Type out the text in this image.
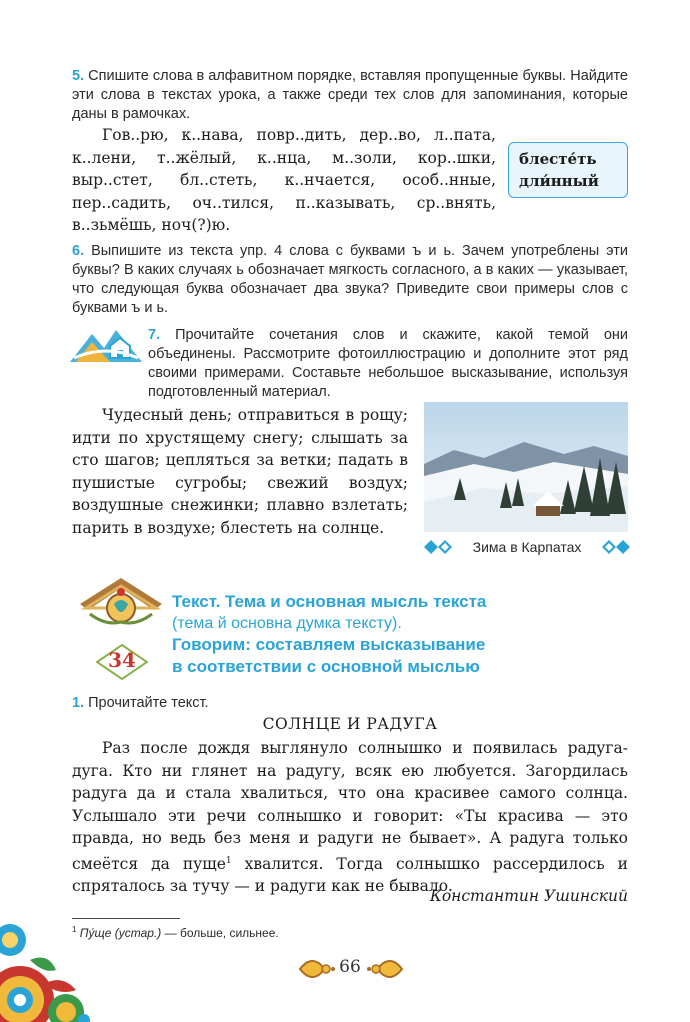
5. Спишите слова в алфавитном порядке, вставляя пропущенные буквы. Найдите эти слова в текстах урока, а также среди тех слов для запоминания, которые даны в рамочках.
Гов..рю, к..нава, повр..дить, дер..во, л..пата,
к..лени, т..жёлый, к..нца, м..золи, кор..шки,
выр..стет, бл..стеть, к..нчается, особ..нные,
пер..садить, оч..тился, п..казывать, ср..внять,
в..зьмёшь, ноч(?)ю.
блесте́ть
дли́нный
6. Выпишите из текста упр. 4 слова с буквами ъ и ь. Зачем употреблены эти буквы? В каких случаях ь обозначает мягкость согласного, а в каких — указывает, что следующая буква обозначает два звука? Приведите свои примеры слов с буквами ъ и ь.
7. Прочитайте сочетания слов и скажите, какой темой они объединены. Рассмотрите фотоиллюстрацию и дополните этот ряд своими примерами. Составьте небольшое высказывание, используя подготовленный материал.
Чудесный день; отправиться в рощу; идти по хрустящему снегу; слышать за сто шагов; цепляться за ветки; падать в пушистые сугробы; свежий воздух; воздушные снежинки; плавно взлетать; парить в воздухе; блестеть на солнце.
Зима в Карпатах
34
Текст. Тема и основная мысль текста
(тема й основна думка тексту).
Говорим: составляем высказывание
в соответствии с основной мыслью
1. Прочитайте текст.
СОЛНЦЕ И РАДУГА
Раз после дождя выглянуло солнышко и появилась радуга-дуга. Кто ни глянет на радугу, всяк ею любуется. Загордилась радуга да и стала хвалиться, что она красивее самого солнца. Услышало эти речи солнышко и говорит: «Ты красива — это правда, но ведь без меня и радуги не бывает». А радуга только смеётся да пуще$^1$ хвалится. Тогда солнышко рассердилось и спряталось за тучу — и радуги как не бывало.
Константин Ушинский
$^1$ Пу́ще (устар.) — больше, сильнее.
66
